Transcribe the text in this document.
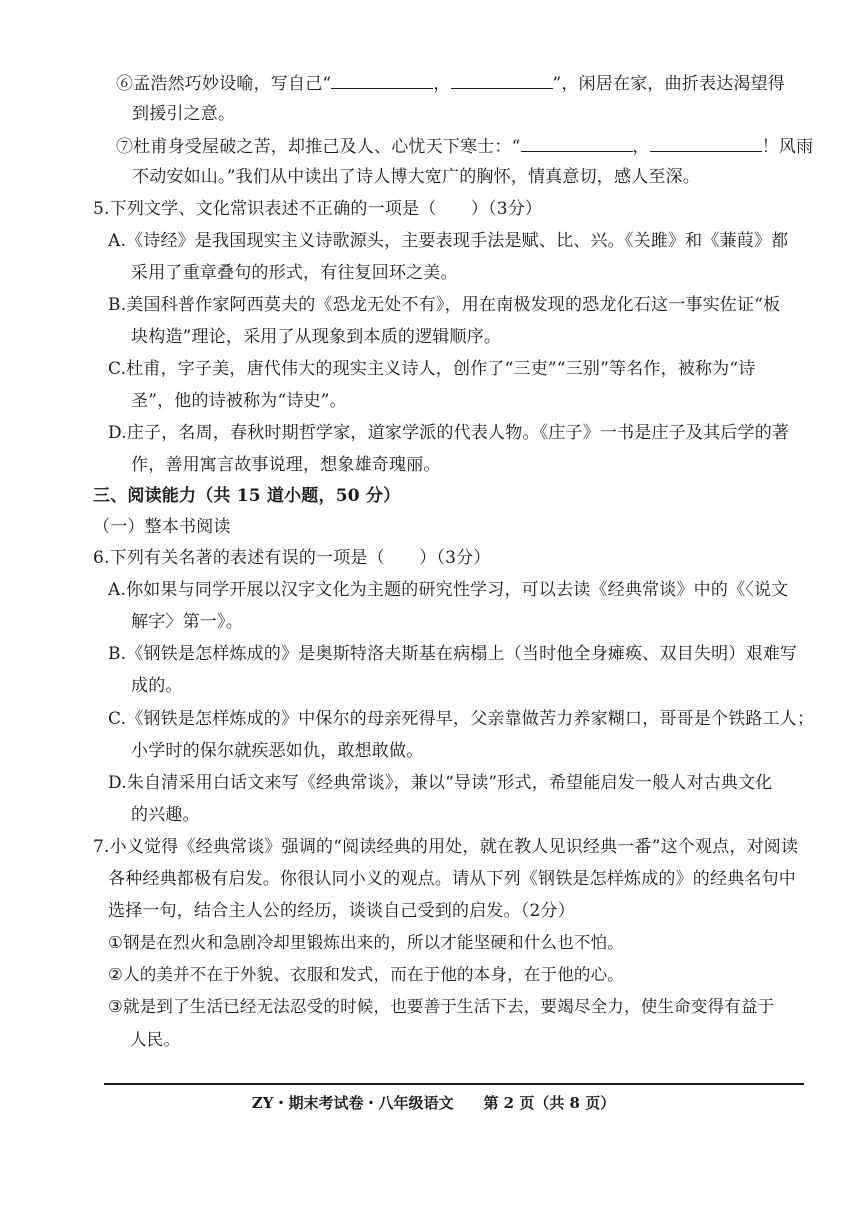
⑥孟浩然巧妙设喻，写自己“	，	”，闲居在家，曲折表达渴望得
到援引之意。
⑦杜甫身受屋破之苦，却推己及人、心忧天下寒士：“	，	！风雨
不动安如山。”我们从中读出了诗人博大宽广的胸怀，情真意切，感人至深。
5.下列文学、文化常识表述不正确的一项是（　　）（3分）
A.《诗经》是我国现实主义诗歌源头，主要表现手法是赋、比、兴。《关雎》和《蒹葭》都
采用了重章叠句的形式，有往复回环之美。
B.美国科普作家阿西莫夫的《恐龙无处不有》，用在南极发现的恐龙化石这一事实佐证“板
块构造”理论，采用了从现象到本质的逻辑顺序。
C.杜甫，字子美，唐代伟大的现实主义诗人，创作了“三吏”“三别”等名作，被称为“诗
圣”，他的诗被称为“诗史”。
D.庄子，名周，春秋时期哲学家，道家学派的代表人物。《庄子》一书是庄子及其后学的著
作，善用寓言故事说理，想象雄奇瑰丽。
三、阅读能力（共 15 道小题，50 分）
（一）整本书阅读
6.下列有关名著的表述有误的一项是（　　）（3分）
A.你如果与同学开展以汉字文化为主题的研究性学习，可以去读《经典常谈》中的《〈说文
解字〉第一》。
B.《钢铁是怎样炼成的》是奥斯特洛夫斯基在病榻上（当时他全身瘫痪、双目失明）艰难写
成的。
C.《钢铁是怎样炼成的》中保尔的母亲死得早，父亲靠做苦力养家糊口，哥哥是个铁路工人；
小学时的保尔就疾恶如仇，敢想敢做。
D.朱自清采用白话文来写《经典常谈》，兼以“导读”形式，希望能启发一般人对古典文化
的兴趣。
7.小义觉得《经典常谈》强调的“阅读经典的用处，就在教人见识经典一番”这个观点，对阅读
各种经典都极有启发。你很认同小义的观点。请从下列《钢铁是怎样炼成的》的经典名句中
选择一句，结合主人公的经历，谈谈自己受到的启发。（2分）
①钢是在烈火和急剧冷却里锻炼出来的，所以才能坚硬和什么也不怕。
②人的美并不在于外貌、衣服和发式，而在于他的本身，在于他的心。
③就是到了生活已经无法忍受的时候，也要善于生活下去，要竭尽全力，使生命变得有益于
人民。
ZY・期末考试卷・八年级语文　　第 2 页（共 8 页）
